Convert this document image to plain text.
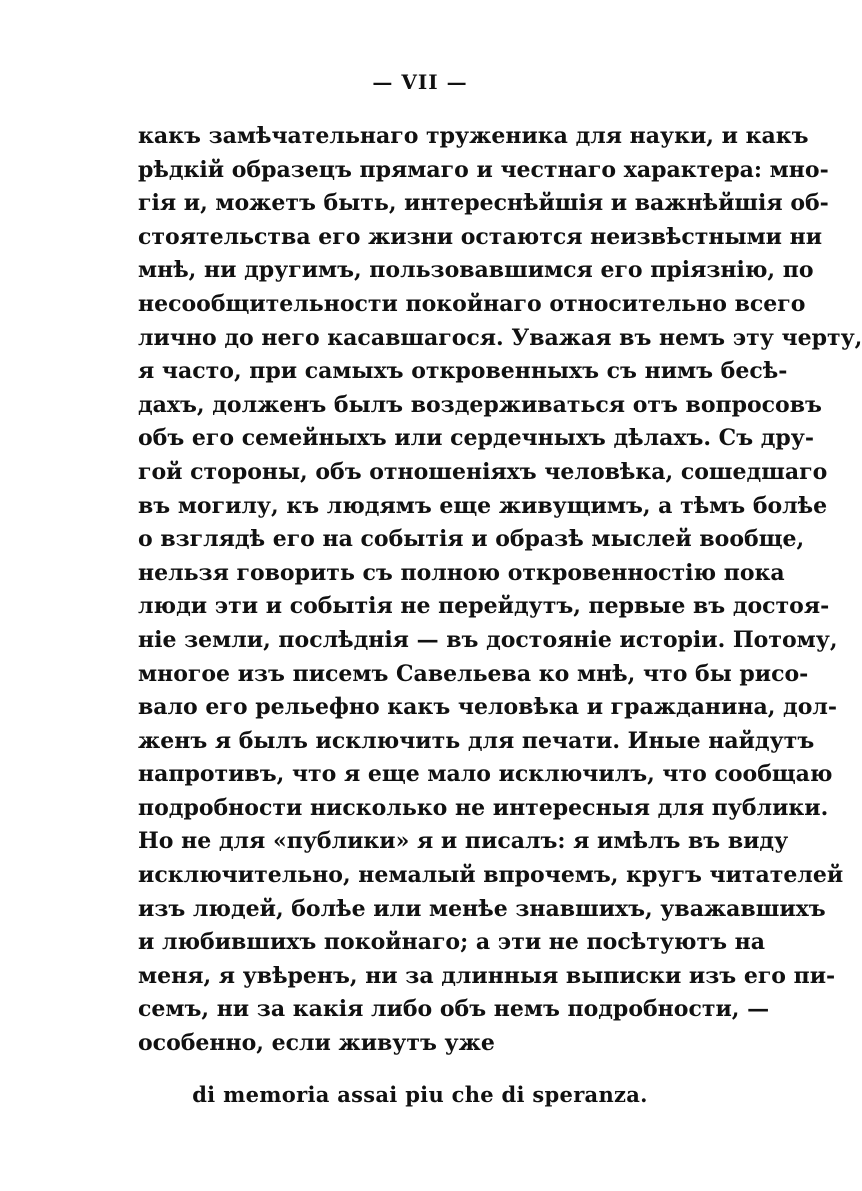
— VII —
какъ замѣчательнаго труженика для науки, и какъ
рѣдкій образецъ прямаго и честнаго характера: мно-
гія и, можетъ быть, интереснѣйшія и важнѣйшія об-
стоятельства его жизни остаются неизвѣстными ни
мнѣ, ни другимъ, пользовавшимся его пріязнію, по
несообщительности покойнаго относительно всего
лично до него касавшагося. Уважая въ немъ эту черту,
я часто, при самыхъ откровенныхъ съ нимъ бесѣ-
дахъ, долженъ былъ воздерживаться отъ вопросовъ
объ его семейныхъ или сердечныхъ дѣлахъ. Съ дру-
гой стороны, объ отношеніяхъ человѣка, сошедшаго
въ могилу, къ людямъ еще живущимъ, а тѣмъ болѣе
о взглядѣ его на событія и образѣ мыслей вообще,
нельзя говорить съ полною откровенностію пока
люди эти и событія не перейдутъ, первые въ достоя-
ніе земли, послѣднія — въ достояніе исторіи. Потому,
многое изъ писемъ Савельева ко мнѣ, что бы рисо-
вало его рельефно какъ человѣка и гражданина, дол-
женъ я былъ исключить для печати. Иные найдутъ
напротивъ, что я еще мало исключилъ, что сообщаю
подробности нисколько не интересныя для публики.
Но не для «публики» я и писалъ: я имѣлъ въ виду
исключительно, немалый впрочемъ, кругъ читателей
изъ людей, болѣе или менѣе знавшихъ, уважавшихъ
и любившихъ покойнаго; а эти не посѣтуютъ на
меня, я увѣренъ, ни за длинныя выписки изъ его пи-
семъ, ни за какія либо объ немъ подробности, —
особенно, если живутъ уже
di memoria assai piu che di speranza.
